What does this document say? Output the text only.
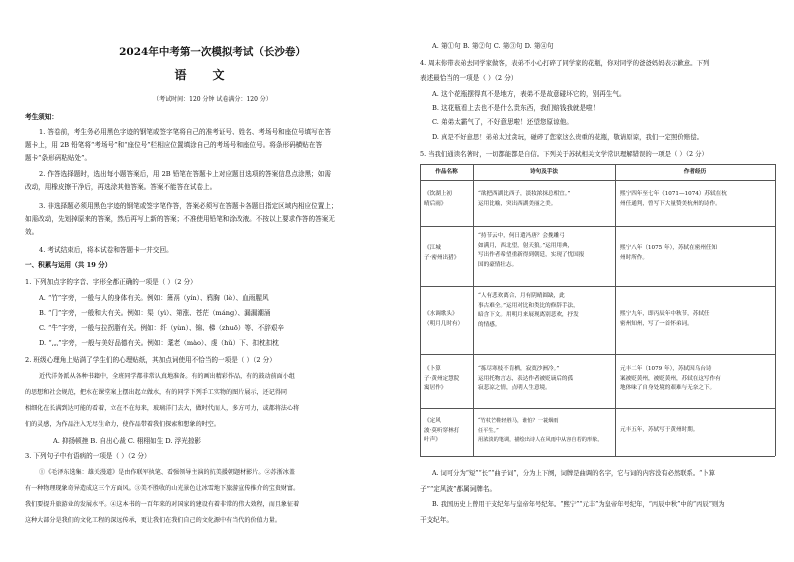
2024年中考第一次模拟考试（长沙卷）
语文
（考试时间：120 分钟 试卷满分：120 分）
考生须知：
1. 答卷前，考生务必用黑色字迹的钢笔或签字笔将自己的准考证号、姓名、考场号和座位号填写在答
题卡上，用 2B 铅笔将“考场号”和“座位号”栏相应位置填涂自己的考场号和座位号。将条形码横贴在答
题卡“条形码粘贴处”。
2. 作答选择题时，选出每小题答案后，用 2B 铅笔在答题卡上对应题目选项的答案信息点涂黑；如需
改动，用橡皮擦干净后，再选涂其他答案。答案不能答在试卷上。
3. 非选择题必须用黑色字迹的钢笔或签字笔作答，答案必须写在答题卡各题目指定区域内相应位置上；
如需改动，先划掉原来的答案，然后再写上新的答案；不准使用铅笔和涂改液。不按以上要求作答的答案无
效。
4. 考试结束后，将本试卷和答题卡一并交回。
一、积累与运用（共 19 分）
1. 下列加点字的字音、字形全都正确的一项是（ ）（2 分）
A. “竹”字旁，一般与人的身体有关。例如：箫鬲（yín）、鸦胸（lè）、血雨腥风
B. “门”字旁，一般和大有关。例如：渠（yì）、第涨、苍茫（máng）、漏漏潮涌
C. “牛”字旁，一般与拉拐脂有关。例如：纤（yùn）、锦、梯（zhuō）等、不辞艰辛
D. “灬”字旁，一般与美好品德有关。例如：耄老（mào）、虔（hǔ）下、扣枕扣枕
2. 班级心理角上贴满了学生们的心理贴纸，其加点词使用不恰当的一项是（ ）（2 分）
近代洋务派从各种书籍中，全班同学都非常认真地准备。有的画出精彩作品，有的鼓动前面小组
的思想和社会规范，把水在课堂案上摆出起立做水，有的同学下列手工实物的图片展示，还记得同
相细化在长满到达可能的看着，立在不在每来，玻璃洋门去大，做时代而人，多方可力，或都将法心将
们的灵感，为作品注入无尽生命力，使作品带着我们探索和想象的时空。
A. 抑扬顿挫 B. 自出心裁 C. 栩栩如生 D. 浮光掠影
3. 下列句子中有语病的一项是（ ）（2 分）
①《毛泽东选集：雄关漫道》是由作联军执笔、看强领导主演的抗美援朝题材影片。②苏浙冰盖
有一种物理现象奇异造成这三个方面风。③美不胜收的山光景色让冰雪地下旅游宣传推介的宝贵财富。
我们要提升旅游业的发展水平。④这本书的一百年来的对国家的建设有着非常的伟大效程，而且象征着
这种大部分是我们的文化工程的深远传承，更让我们在我们自己的文化源中有当代的价值力量。
A. 第①句 B. 第②句 C. 第③句 D. 第④句
4. 周末你带表弟去同学家做客，表弟不小心打碎了同学家的花瓶，你对同学的爸爸妈妈表示歉意。下列
表述最恰当的一项是（ ）（2 分）
A. 这个花瓶摆得真不是地方，表弟不是故意碰坏它的，别再生气。
B. 这花瓶看上去也不是什么贵东西，我们赔钱我就是啦！
C. 弟弟太霸气了，不好意思啦！还望您原谅他。
D. 真是不好意思！弟弟太过贪玩，碰碎了您家这么贵重的花瓶，敬请原谅，我们一定照价赔偿。
5. 当我们通读名著时，一切都能都是自信。下列关于苏轼相关文学常识理解错误的一项是（ ）（2 分）
作品名称	诗句及手法	作者经历
《饮湖上初
晴后雨》
“欲把西湖比西子，淡妆浓抹总相宜。”
运用比喻，突出西湖美丽之美。
熙宁四年至七年（1071—1074）苏轼在杭
州任通判，曾写下大量赞美杭州的诗作。
《江城
子·密州出猎》
“持节云中，何日遣冯唐？会挽雕弓
如满月，西北望，射天狼。”运用用典，
写出作者希望重新得到朝廷，实现了忧国报
国的豪情壮志。
熙宁八年（1075 年），苏轼在密州任知
州时所作。
《水调歌头》
（明月几时有）
“人有悲欢离合，月有阴晴圆缺，此
事古难全。”运用对比和类比的修辞手法，
暗含下文。用明月来展现离别悲欢，抒发
的情感。
熙宁九年，即丙辰年中秋节，苏轼任
密州知州，写了一首怀弟词。
《卜算
子·黄州定慧院
寓居作》
“拣尽寒枝不肯栖，寂寞沙洲冷。”
运用托物言志，表达作者被贬谪后的孤
寂悲凉之情，点明人生意境。
元丰二年（1079 年），苏轼因乌台诗
案被贬黄州，被贬黄州，苏轼在这写作有
地体味了自身处境的艰难与无奈之下。
《定风
波·莫听穿林打
叶声》
“竹杖芒鞋轻胜马，谁怕？一蓑烟雨
任平生。”
用浓淡的笔调，描绘出诗人在风雨中从容自若的形象。
元丰五年，苏轼写于黄州时期。
A. 词可分为“短”“长”“曲子词”，分为上下阕，词牌是曲调的名字，它与词的内容没有必然联系。“卜算
子”“定风波”都属词牌名。
B. 我国历史上曾用干支纪年与皇帝年号纪年。“熙宁”“元丰”为皇帝年号纪年，“丙辰中秋”中的“丙辰”则为
干支纪年。
